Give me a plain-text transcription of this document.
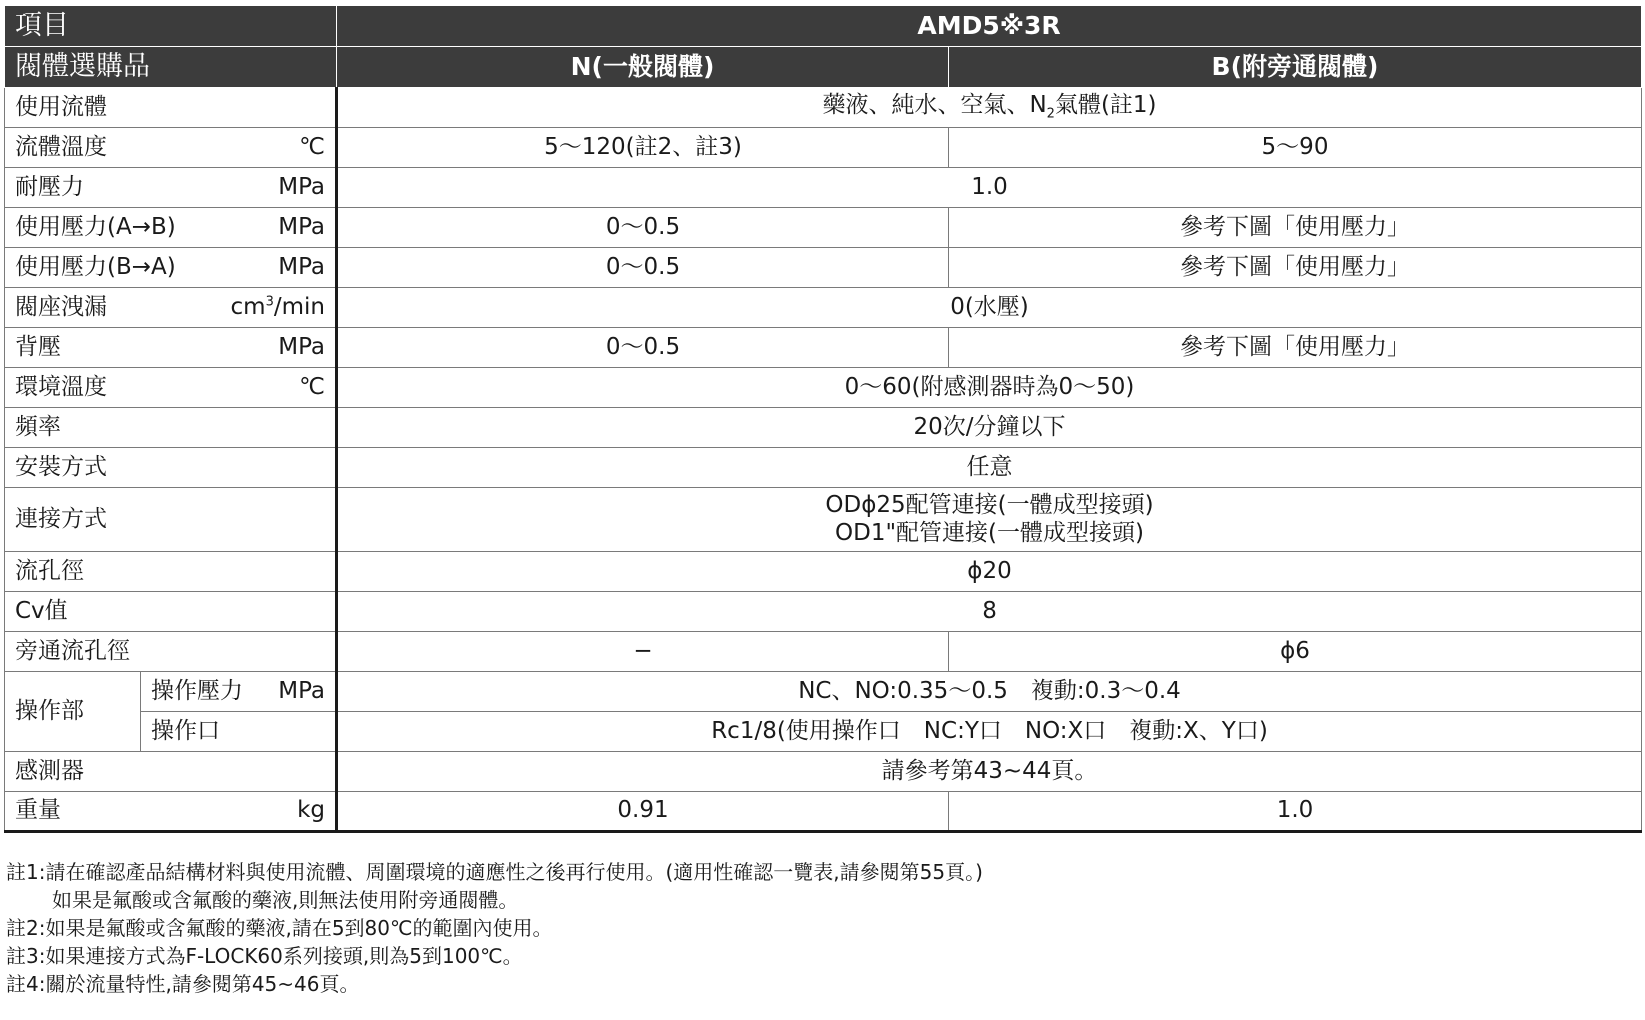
項目		AMD5※3R	
閥體選購品		N(一般閥體)	B(附旁通閥體)
使用流體		藥液、純水、空氣、$N_2$氣體(註1)	
流體溫度 ℃		5～120(註2、註3)	5～90
耐壓力 MPa		1.0	
使用壓力(A→B) MPa		0～0.5	參考下圖「使用壓力」
使用壓力(B→A) MPa		0～0.5	參考下圖「使用壓力」
閥座洩漏 $cm^3/\min$		0(水壓)	
背壓 MPa		0～0.5	參考下圖「使用壓力」
環境溫度 ℃		0～60(附感測器時為0～50)	
頻率		20次/分鐘以下	
安裝方式		任意	
連接方式		ODϕ25配管連接(一體成型接頭)
OD1"配管連接(一體成型接頭)	

流孔徑		ϕ20	
Cv值		8	
旁通流孔徑		−	ϕ6
操作部	操作壓力 MPa	NC、NO:0.35～0.5　複動:0.3～0.4	
	操作口	Rc1/8(使用操作口　NC:Y口　NO:X口　複動:X、Y口)	
感測器		請參考第43~44頁。	
重量 kg		0.91	1.0
註1:請在確認產品結構材料與使用流體、周圍環境的適應性之後再行使用。(適用性確認一覽表,請參閱第55頁。)
如果是氟酸或含氟酸的藥液,則無法使用附旁通閥體。
註2:如果是氟酸或含氟酸的藥液,請在5到80℃的範圍內使用。
註3:如果連接方式為F-LOCK60系列接頭,則為5到100℃。
註4:關於流量特性,請參閱第45~46頁。
